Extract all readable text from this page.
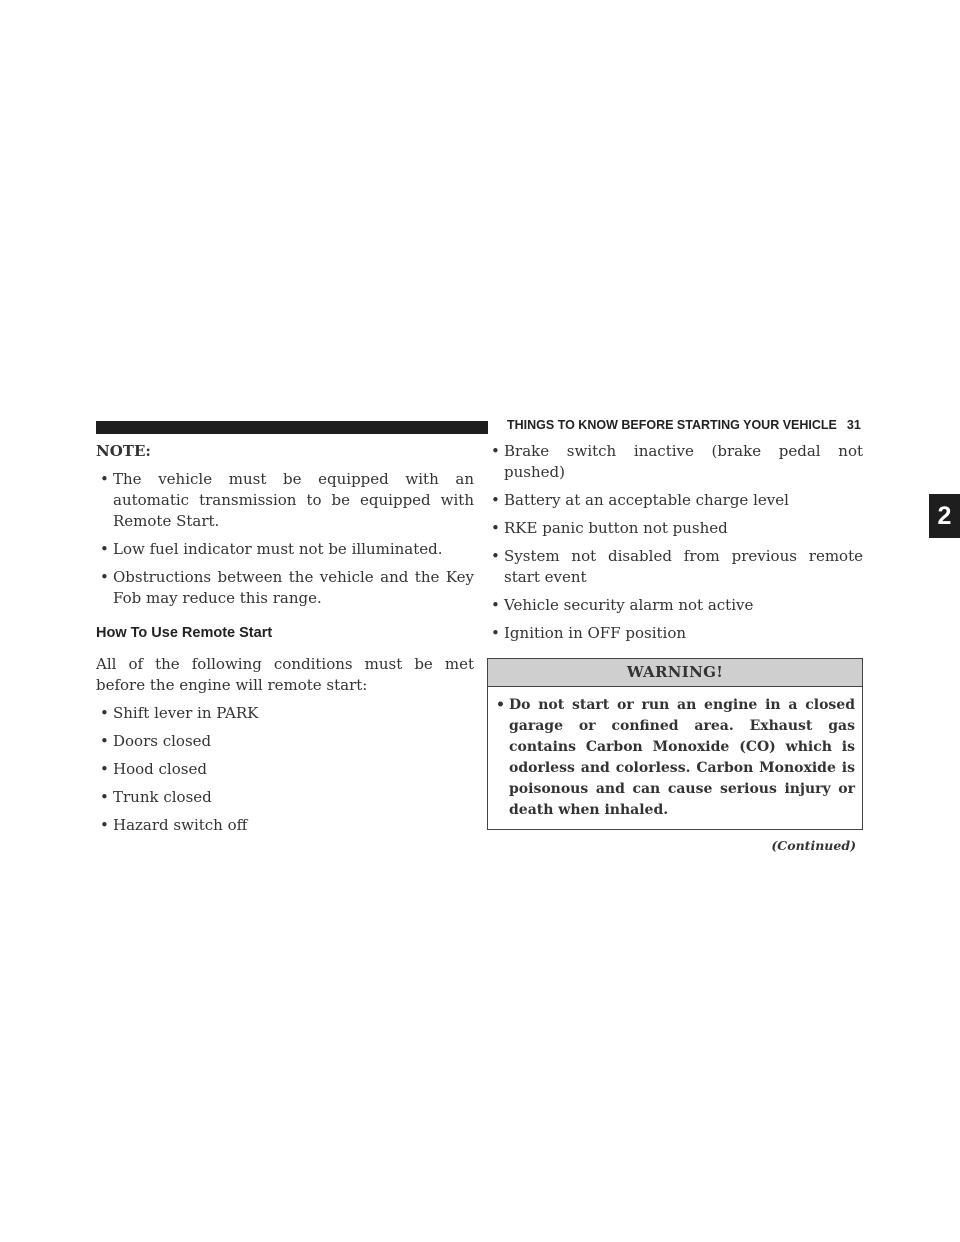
THINGS TO KNOW BEFORE STARTING YOUR VEHICLE 31
2
NOTE:
• The vehicle must be equipped with an automatic transmission to be equipped with Remote Start.
• Low fuel indicator must not be illuminated.
• Obstructions between the vehicle and the Key Fob may reduce this range.
How To Use Remote Start

All of the following conditions must be met before the engine will remote start:

• Shift lever in PARK
• Doors closed
• Hood closed
• Trunk closed
• Hazard switch off
• Brake switch inactive (brake pedal not pushed)
• Battery at an acceptable charge level
• RKE panic button not pushed
• System not disabled from previous remote start event
• Vehicle security alarm not active
• Ignition in OFF position
WARNING!
• Do not start or run an engine in a closed garage or confined area. Exhaust gas contains Carbon Monoxide (CO) which is odorless and colorless. Carbon Monoxide is poisonous and can cause serious injury or death when inhaled.
(Continued)
